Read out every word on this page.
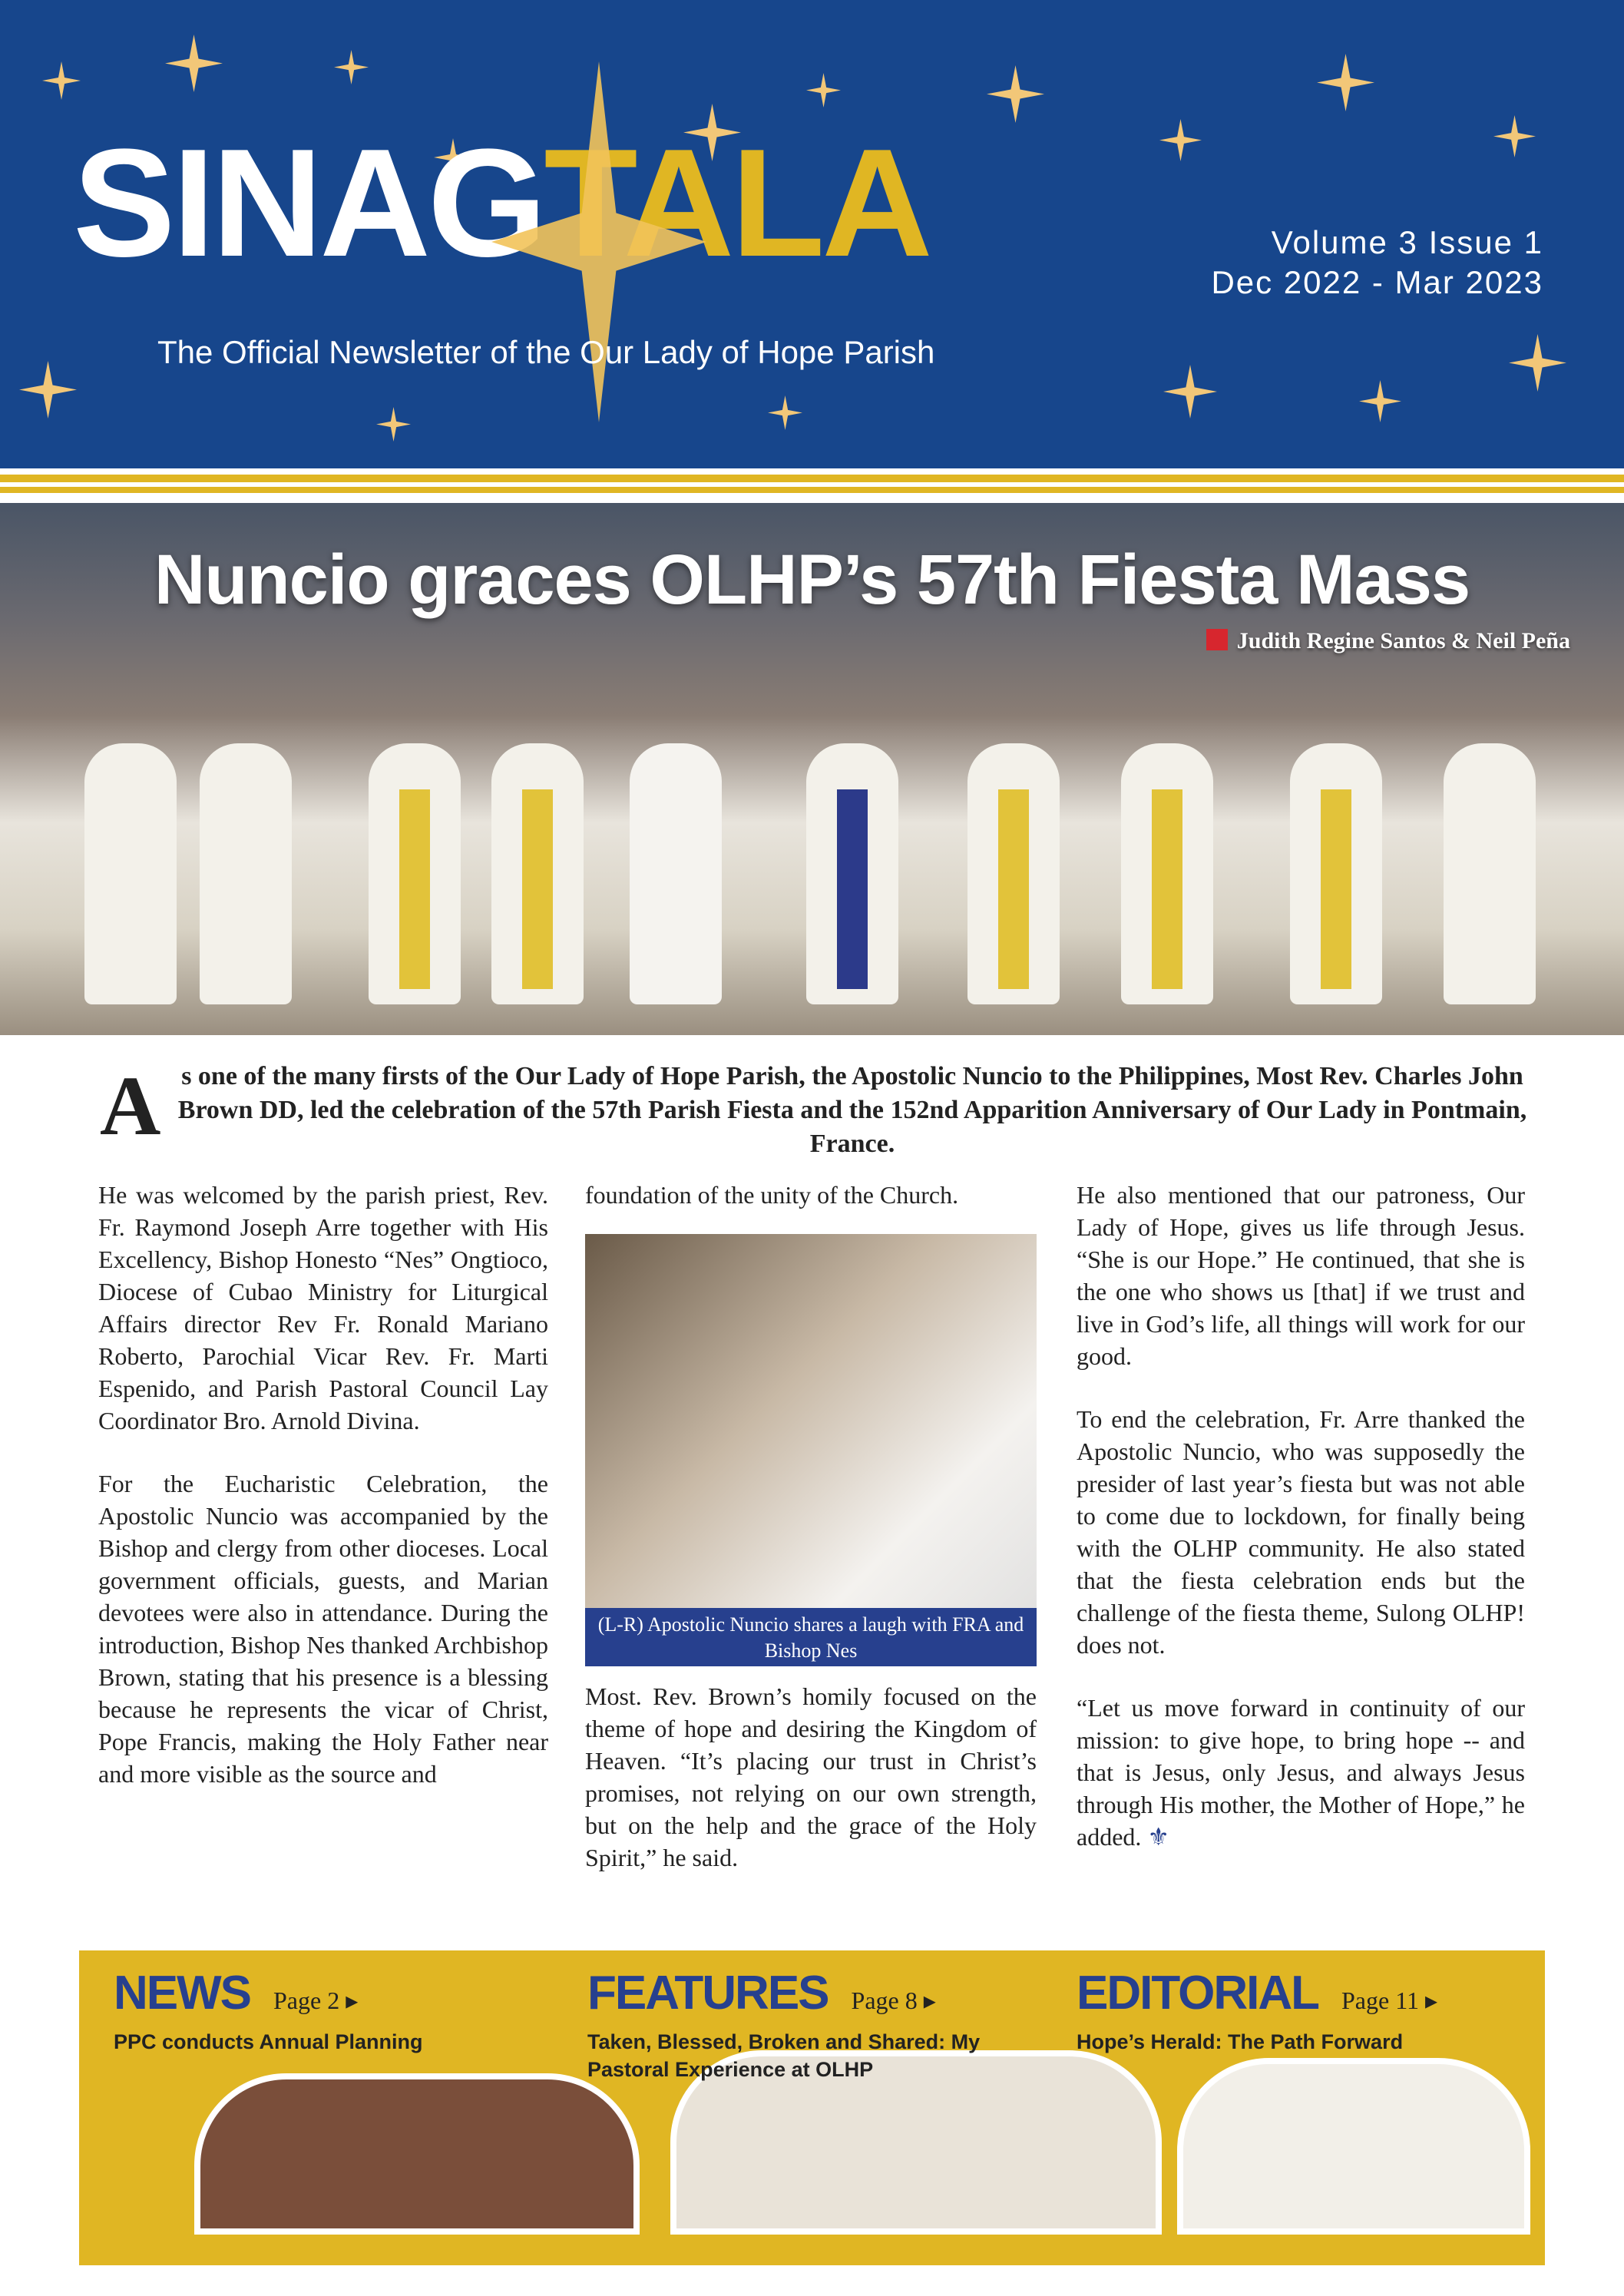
SINAGTALA
The Official Newsletter of the Our Lady of Hope Parish
Volume 3 Issue 1
Dec 2022 - Mar 2023
Nuncio graces OLHP’s 57th Fiesta Mass
Judith Regine Santos & Neil Peña
A s one of the many firsts of the Our Lady of Hope Parish, the Apostolic Nuncio to the Philippines, Most Rev. Charles John Brown DD, led the celebration of the 57th Parish Fiesta and the 152nd Apparition Anniversary of Our Lady in Pontmain, France.

He was welcomed by the parish priest, Rev. Fr. Raymond Joseph Arre together with His Excellency, Bishop Honesto “Nes” Ongtioco, Diocese of Cubao Ministry for Liturgical Affairs director Rev Fr. Ronald Mariano Roberto, Parochial Vicar Rev. Fr. Marti Espenido, and Parish Pastoral Council Lay Coordinator Bro. Arnold Divina.

For the Eucharistic Celebration, the Apostolic Nuncio was accompanied by the Bishop and clergy from other dioceses. Local government officials, guests, and Marian devotees were also in attendance. During the introduction, Bishop Nes thanked Archbishop Brown, stating that his presence is a blessing because he represents the vicar of Christ, Pope Francis, making the Holy Father near and more visible as the source and

foundation of the unity of the Church.

(L-R) Apostolic Nuncio shares a laugh with FRA and Bishop Nes

Most. Rev. Brown’s homily focused on the theme of hope and desiring the Kingdom of Heaven. “It’s placing our trust in Christ’s promises, not relying on our own strength, but on the help and the grace of the Holy Spirit,” he said.

He also mentioned that our patroness, Our Lady of Hope, gives us life through Jesus. “She is our Hope.” He continued, that she is the one who shows us [that] if we trust and live in God’s life, all things will work for our good.

To end the celebration, Fr. Arre thanked the Apostolic Nuncio, who was supposedly the presider of last year’s fiesta but was not able to come due to lockdown, for finally being with the OLHP community. He also stated that the fiesta celebration ends but the challenge of the fiesta theme, Sulong OLHP! does not.

“Let us move forward in continuity of our mission: to give hope, to bring hope -- and that is Jesus, only Jesus, and always Jesus through His mother, the Mother of Hope,” he added. ⚜

NEWS Page 2 ▸
PPC conducts Annual Planning
FEATURES Page 8 ▸
Taken, Blessed, Broken and Shared: My Pastoral Experience at OLHP
EDITORIAL Page 11 ▸
Hope’s Herald: The Path Forward
